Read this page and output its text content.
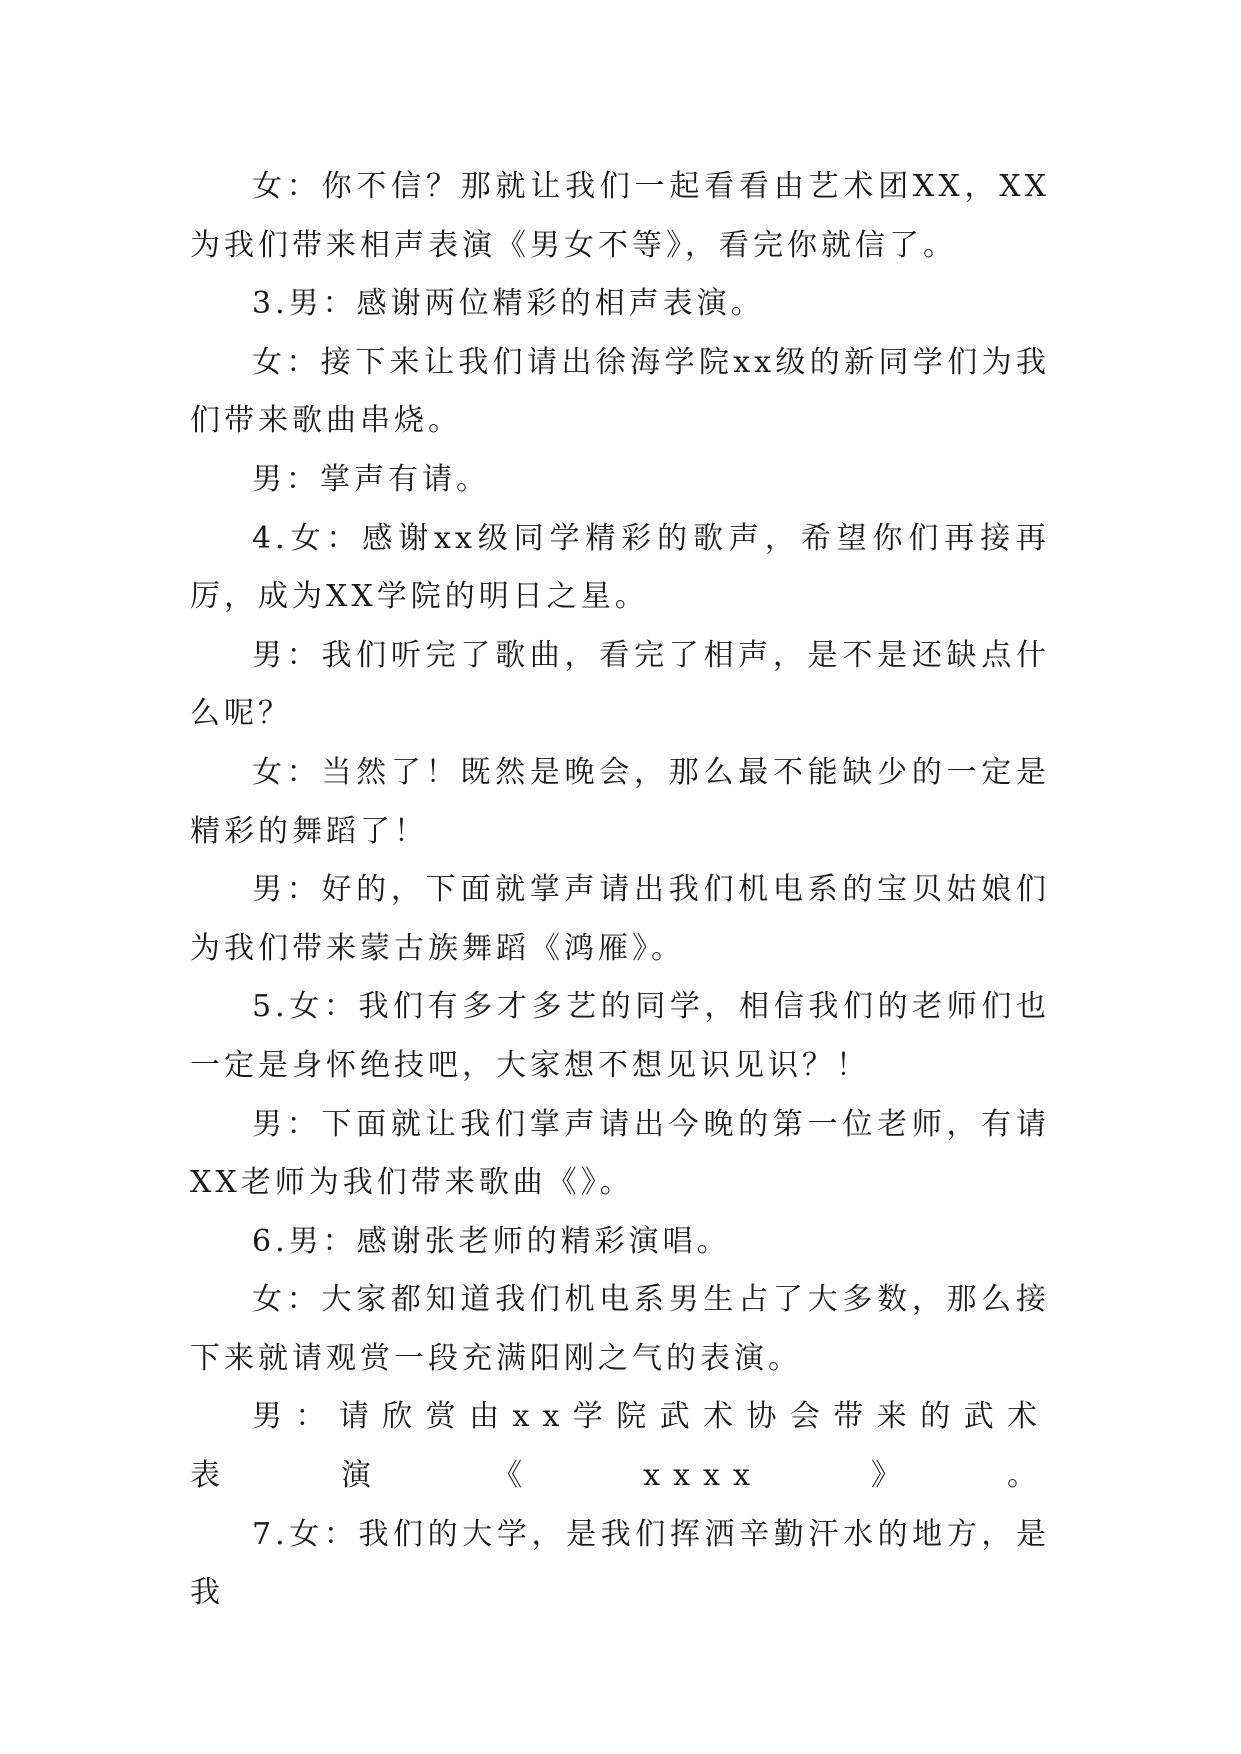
女：你不信？那就让我们一起看看由艺术团XX，XX为我们带来相声表演《男女不等》，看完你就信了。

3.男：感谢两位精彩的相声表演。

女：接下来让我们请出徐海学院xx级的新同学们为我们带来歌曲串烧。

男：掌声有请。

4.女：感谢xx级同学精彩的歌声，希望你们再接再厉，成为XX学院的明日之星。

男：我们听完了歌曲，看完了相声，是不是还缺点什么呢？

女：当然了！既然是晚会，那么最不能缺少的一定是精彩的舞蹈了！

男：好的，下面就掌声请出我们机电系的宝贝姑娘们为我们带来蒙古族舞蹈《鸿雁》。

5.女：我们有多才多艺的同学，相信我们的老师们也一定是身怀绝技吧，大家想不想见识见识？！

男：下面就让我们掌声请出今晚的第一位老师，有请XX老师为我们带来歌曲《》。

6.男：感谢张老师的精彩演唱。

女：大家都知道我们机电系男生占了大多数，那么接下来就请观赏一段充满阳刚之气的表演。

男：请欣赏由xx学院武术协会带来的武术表演《xxxx》。

7.女：我们的大学，是我们挥洒辛勤汗水的地方，是我
